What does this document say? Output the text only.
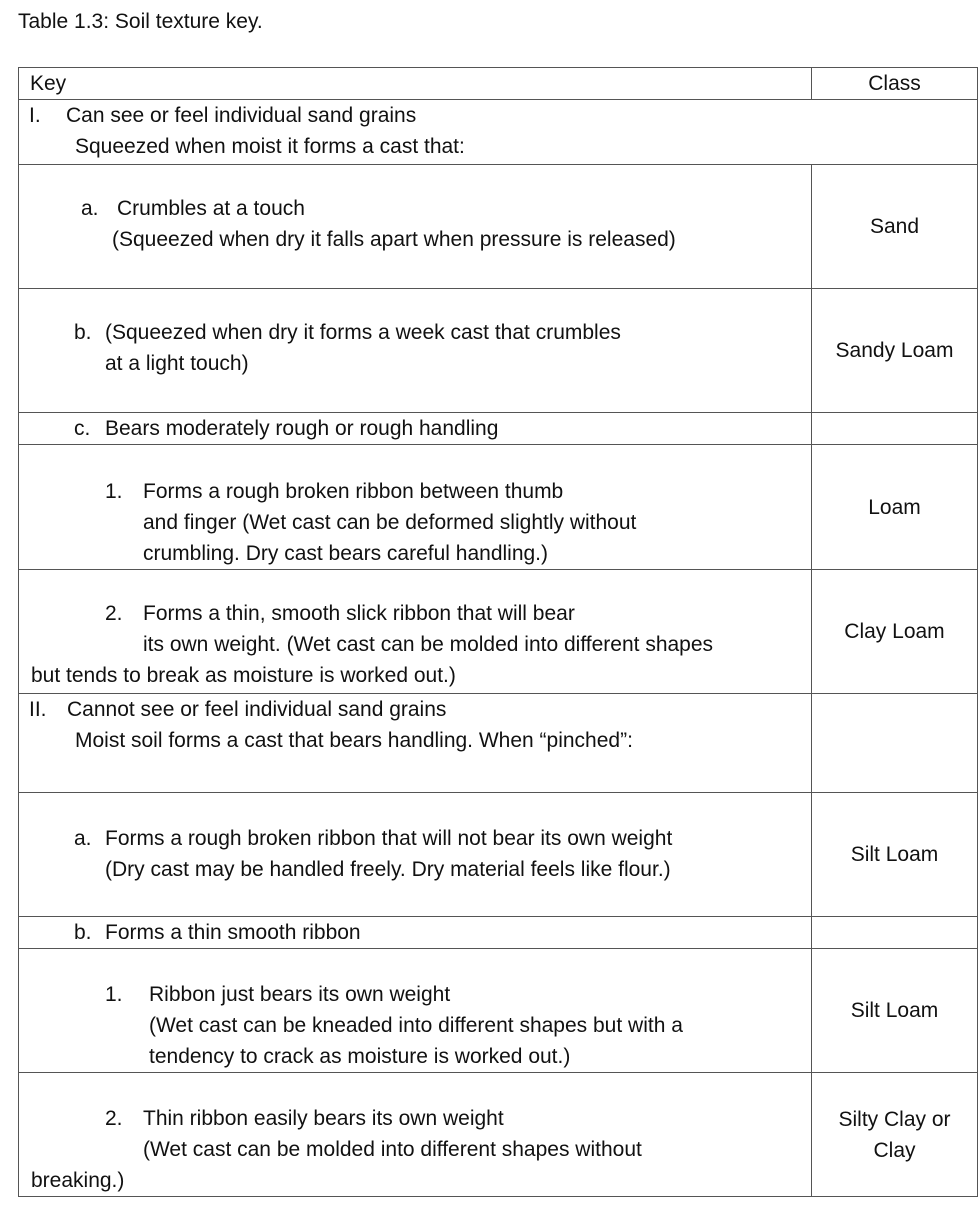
Table 1.3: Soil texture key.
Key	Class

I. Can see or feel individual sand grains
Squeezed when moist it forms a cast that:	

a. Crumbles at a touch
(Squeezed when dry it falls apart when pressure is released)	Sand

b. (Squeezed when dry it forms a week cast that crumbles
at a light touch)	Sandy Loam

c. Bears moderately rough or rough handling	

1. Forms a rough broken ribbon between thumb
and finger (Wet cast can be deformed slightly without
crumbling. Dry cast bears careful handling.)	Loam

2. Forms a thin, smooth slick ribbon that will bear
its own weight. (Wet cast can be molded into different shapes
but tends to break as moisture is worked out.)	Clay Loam

II. Cannot see or feel individual sand grains
Moist soil forms a cast that bears handling. When “pinched”:	

a. Forms a rough broken ribbon that will not bear its own weight
(Dry cast may be handled freely. Dry material feels like flour.)	Silt Loam

b. Forms a thin smooth ribbon	

1. Ribbon just bears its own weight
(Wet cast can be kneaded into different shapes but with a
tendency to crack as moisture is worked out.)	Silt Loam

2. Thin ribbon easily bears its own weight
(Wet cast can be molded into different shapes without
breaking.)	Silty Clay or
Clay
